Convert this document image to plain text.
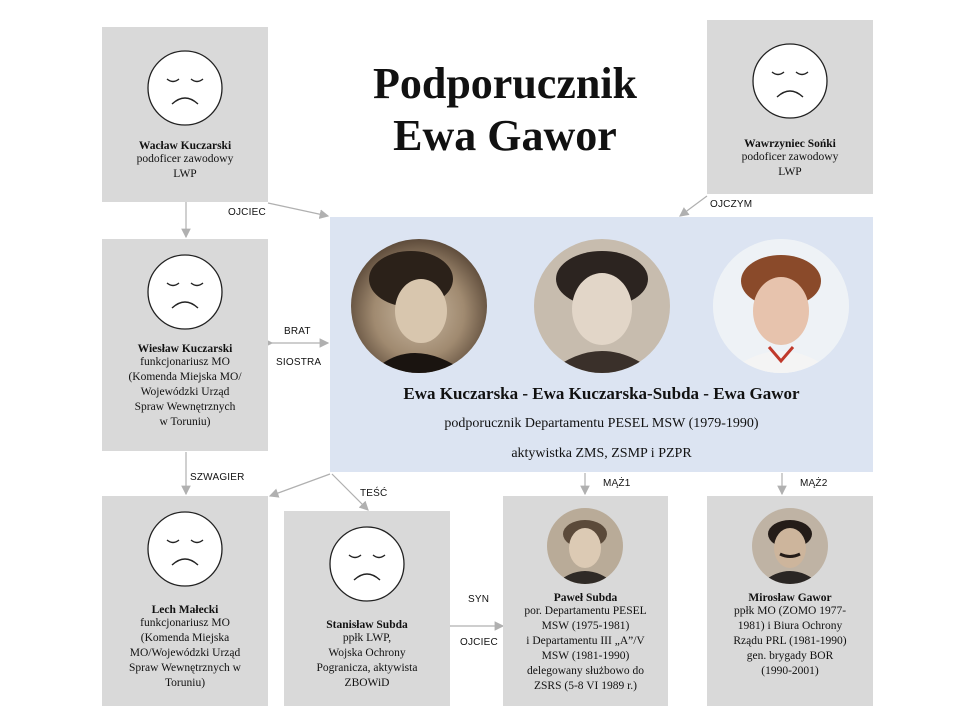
Podporucznik
Ewa Gawor
Wacław Kuczarski
podoficer zawodowy
LWP
Wawrzyniec Sońki
podoficer zawodowy
LWP
Wiesław Kuczarski
funkcjonariusz MO
(Komenda Miejska MO/
Wojewódzki Urząd
Spraw Wewnętrznych
w Toruniu)
Ewa Kuczarska - Ewa Kuczarska-Subda - Ewa Gawor
podporucznik Departamentu PESEL MSW (1979-1990)
aktywistka ZMS, ZSMP i PZPR
Lech Małecki
funkcjonariusz MO
(Komenda Miejska
MO/Wojewódzki Urząd
Spraw Wewnętrznych w
Toruniu)
Stanisław Subda
ppłk LWP,
Wojska Ochrony
Pogranicza, aktywista
ZBOWiD
Paweł Subda
por. Departamentu PESEL
MSW (1975-1981)
i Departamentu III „A”/V
MSW (1981-1990)
delegowany służbowo do
ZSRS (5-8 VI 1989 r.)
Mirosław Gawor
ppłk MO (ZOMO 1977-
1981) i Biura Ochrony
Rządu PRL (1981-1990)
gen. brygady BOR
(1990-2001)
OJCIEC
OJCZYM
BRAT
SIOSTRA
SZWAGIER
TEŚĆ
MĄŻ1	MĄŻ2
SYN
OJCIEC
